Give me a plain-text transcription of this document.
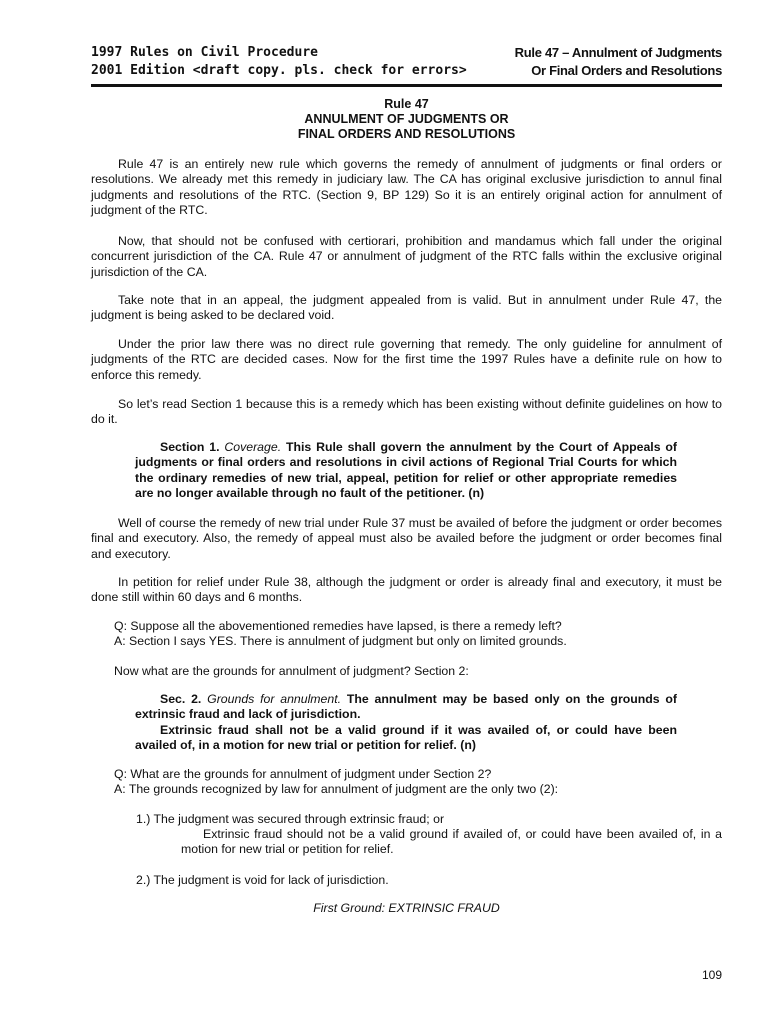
1997 Rules on Civil Procedure
2001 Edition <draft copy. pls. check for errors>
Rule 47 – Annulment of Judgments
Or Final Orders and Resolutions
Rule 47
ANNULMENT OF JUDGMENTS OR
FINAL ORDERS AND RESOLUTIONS

Rule 47 is an entirely new rule which governs the remedy of annulment of judgments or final orders or resolutions. We already met this remedy in judiciary law. The CA has original exclusive jurisdiction to annul final judgments and resolutions of the RTC. (Section 9, BP 129) So it is an entirely original action for annulment of judgment of the RTC.

Now, that should not be confused with certiorari, prohibition and mandamus which fall under the original concurrent jurisdiction of the CA. Rule 47 or annulment of judgment of the RTC falls within the exclusive original jurisdiction of the CA.

Take note that in an appeal, the judgment appealed from is valid. But in annulment under Rule 47, the judgment is being asked to be declared void.

Under the prior law there was no direct rule governing that remedy. The only guideline for annulment of judgments of the RTC are decided cases. Now for the first time the 1997 Rules have a definite rule on how to enforce this remedy.

So let’s read Section 1 because this is a remedy which has been existing without definite guidelines on how to do it.

Section 1. Coverage. This Rule shall govern the annulment by the Court of Appeals of judgments or final orders and resolutions in civil actions of Regional Trial Courts for which the ordinary remedies of new trial, appeal, petition for relief or other appropriate remedies are no longer available through no fault of the petitioner. (n)

Well of course the remedy of new trial under Rule 37 must be availed of before the judgment or order becomes final and executory. Also, the remedy of appeal must also be availed before the judgment or order becomes final and executory.

In petition for relief under Rule 38, although the judgment or order is already final and executory, it must be done still within 60 days and 6 months.

Q: Suppose all the abovementioned remedies have lapsed, is there a remedy left?

A: Section I says YES. There is annulment of judgment but only on limited grounds.

Now what are the grounds for annulment of judgment? Section 2:

Sec. 2. Grounds for annulment. The annulment may be based only on the grounds of extrinsic fraud and lack of jurisdiction.

Extrinsic fraud shall not be a valid ground if it was availed of, or could have been availed of, in a motion for new trial or petition for relief. (n)

Q: What are the grounds for annulment of judgment under Section 2?

A: The grounds recognized by law for annulment of judgment are the only two (2):

1.) The judgment was secured through extrinsic fraud; or
Extrinsic fraud should not be a valid ground if availed of, or could have been availed of, in a motion for new trial or petition for relief.
2.) The judgment is void for lack of jurisdiction.
First Ground: EXTRINSIC FRAUD
109
